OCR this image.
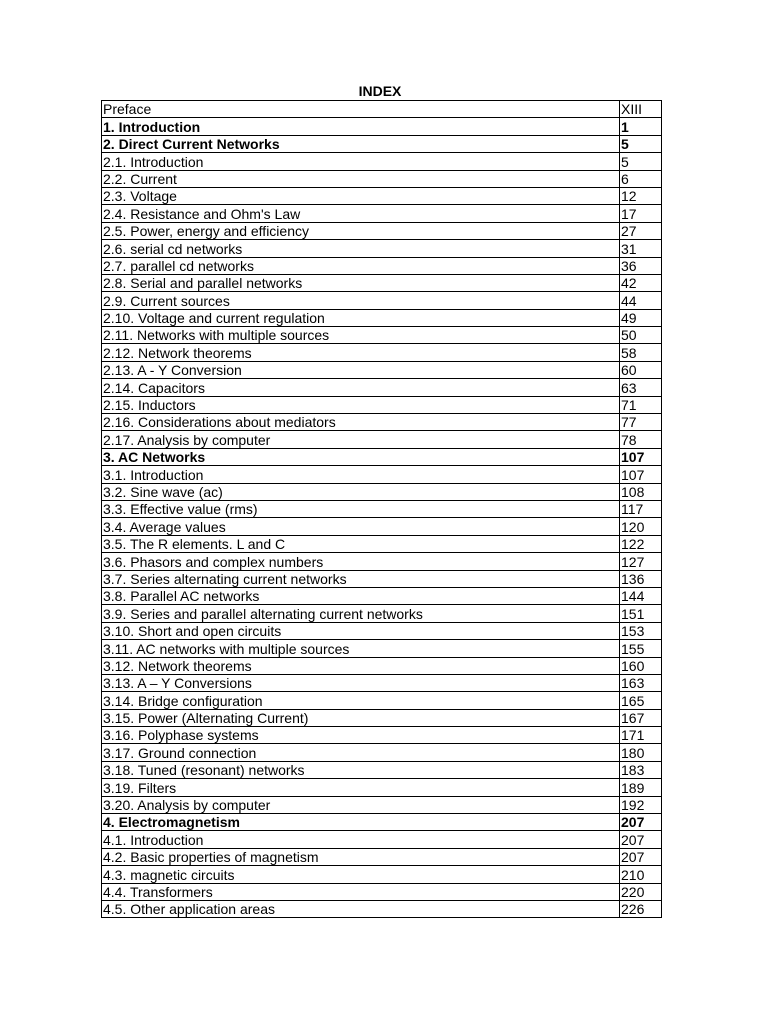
INDEX
Preface	XIII
1. Introduction	1
2. Direct Current Networks	5
2.1. Introduction	5
2.2. Current	6
2.3. Voltage	12
2.4. Resistance and Ohm's Law	17
2.5. Power, energy and efficiency	27
2.6. serial cd networks	31
2.7. parallel cd networks	36
2.8. Serial and parallel networks	42
2.9. Current sources	44
2.10. Voltage and current regulation	49
2.11. Networks with multiple sources	50
2.12. Network theorems	58
2.13. A - Y Conversion	60
2.14. Capacitors	63
2.15. Inductors	71
2.16. Considerations about mediators	77
2.17. Analysis by computer	78
3. AC Networks	107
3.1. Introduction	107
3.2. Sine wave (ac)	108
3.3. Effective value (rms)	117
3.4. Average values	120
3.5. The R elements. L and C	122
3.6. Phasors and complex numbers	127
3.7. Series alternating current networks	136
3.8. Parallel AC networks	144
3.9. Series and parallel alternating current networks	151
3.10. Short and open circuits	153
3.11. AC networks with multiple sources	155
3.12. Network theorems	160
3.13. A – Y Conversions	163
3.14. Bridge configuration	165
3.15. Power (Alternating Current)	167
3.16. Polyphase systems	171
3.17. Ground connection	180
3.18. Tuned (resonant) networks	183
3.19. Filters	189
3.20. Analysis by computer	192
4. Electromagnetism	207
4.1. Introduction	207
4.2. Basic properties of magnetism	207
4.3. magnetic circuits	210
4.4. Transformers	220
4.5. Other application areas	226
